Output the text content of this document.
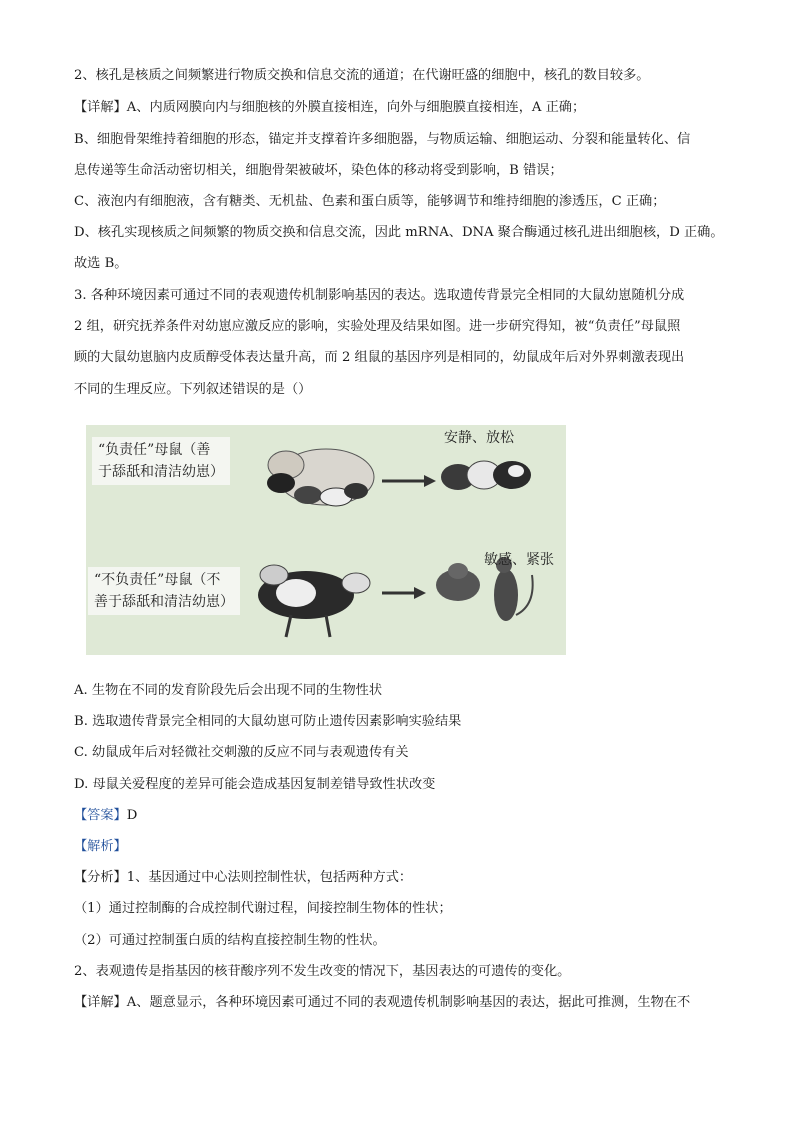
2、核孔是核质之间频繁进行物质交换和信息交流的通道；在代谢旺盛的细胞中，核孔的数目较多。
【详解】A、内质网膜向内与细胞核的外膜直接相连，向外与细胞膜直接相连，A 正确；
B、细胞骨架维持着细胞的形态，锚定并支撑着许多细胞器，与物质运输、细胞运动、分裂和能量转化、信
息传递等生命活动密切相关，细胞骨架被破坏，染色体的移动将受到影响，B 错误；
C、液泡内有细胞液，含有糖类、无机盐、色素和蛋白质等，能够调节和维持细胞的渗透压，C 正确；
D、核孔实现核质之间频繁的物质交换和信息交流，因此 mRNA、DNA 聚合酶通过核孔进出细胞核，D 正确。
故选 B。
3. 各种环境因素可通过不同的表观遗传机制影响基因的表达。选取遗传背景完全相同的大鼠幼崽随机分成
2 组，研究抚养条件对幼崽应激反应的影响，实验处理及结果如图。进一步研究得知，被“负责任”母鼠照
顾的大鼠幼崽脑内皮质醇受体表达量升高，而 2 组鼠的基因序列是相同的，幼鼠成年后对外界刺激表现出
不同的生理反应。下列叙述错误的是（）
“负责任”母鼠（善
于舔舐和清洁幼崽）
安静、放松
“不负责任”母鼠（不
善于舔舐和清洁幼崽）
敏感、紧张
A. 生物在不同的发育阶段先后会出现不同的生物性状
B. 选取遗传背景完全相同的大鼠幼崽可防止遗传因素影响实验结果
C. 幼鼠成年后对轻微社交刺激的反应不同与表观遗传有关
D. 母鼠关爱程度的差异可能会造成基因复制差错导致性状改变
【答案】D
【解析】
【分析】1、基因通过中心法则控制性状，包括两种方式：
（1）通过控制酶的合成控制代谢过程，间接控制生物体的性状；
（2）可通过控制蛋白质的结构直接控制生物的性状。
2、表观遗传是指基因的核苷酸序列不发生改变的情况下，基因表达的可遗传的变化。
【详解】A、题意显示，各种环境因素可通过不同的表观遗传机制影响基因的表达，据此可推测，生物在不
